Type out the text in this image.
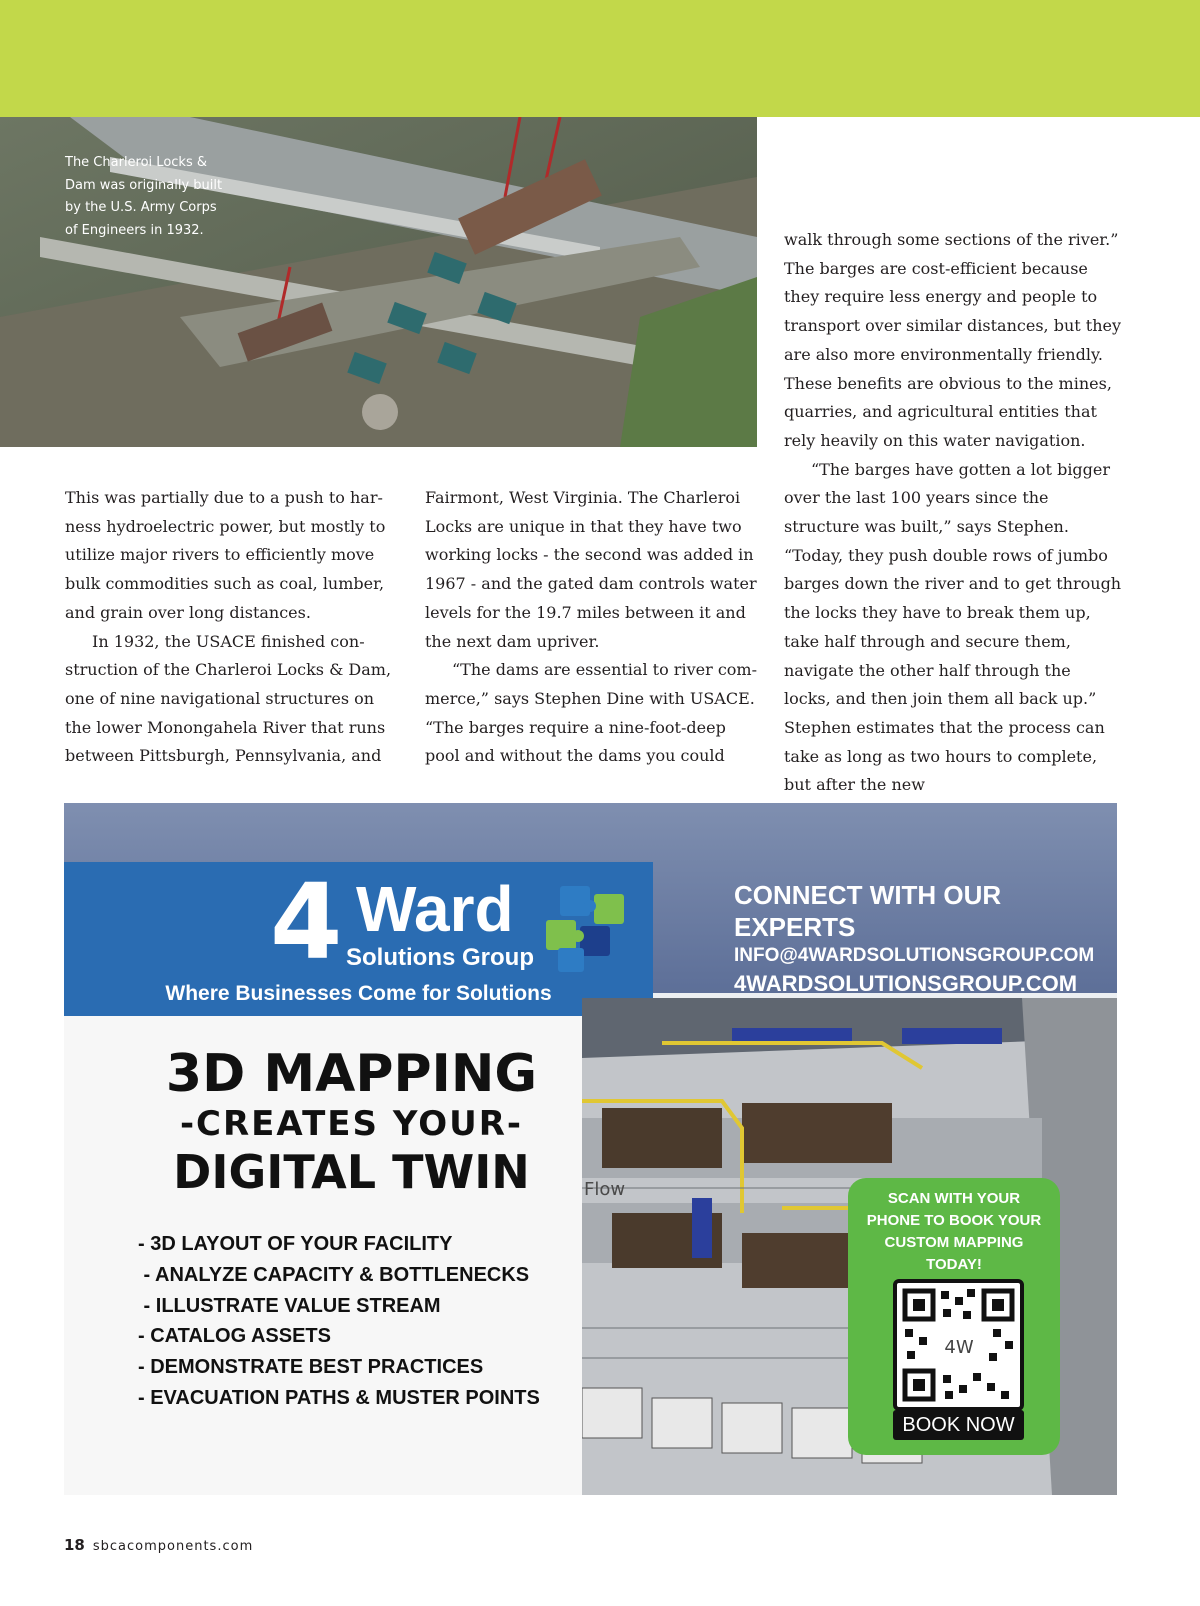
The Charleroi Locks &
Dam was originally built
by the U.S. Army Corps
of Engineers in 1932.

This was partially due to a push to har-ness hydroelectric power, but mostly to utilize major rivers to efficiently move bulk commodities such as coal, lumber, and grain over long distances.

In 1932, the USACE finished con-struction of the Charleroi Locks & Dam, one of nine navigational structures on the lower Monongahela River that runs between Pittsburgh, Pennsylvania, and

Fairmont, West Virginia. The Charleroi Locks are unique in that they have two working locks - the second was added in 1967 - and the gated dam controls water levels for the 19.7 miles between it and the next dam upriver.

“The dams are essential to river com-merce,” says Stephen Dine with USACE. “The barges require a nine-foot-deep pool and without the dams you could

walk through some sections of the river.” The barges are cost-efficient because they require less energy and people to transport over similar distances, but they are also more environmentally friendly. These benefits are obvious to the mines, quarries, and agricultural entities that rely heavily on this water navigation.

“The barges have gotten a lot bigger over the last 100 years since the structure was built,” says Stephen. “Today, they push double rows of jumbo barges down the river and to get through the locks they have to break them up, take half through and secure them, navigate the other half through the locks, and then join them all back up.” Stephen estimates that the process can take as long as two hours to complete, but after the new

4 Ward
Solutions Group
Where Businesses Come for Solutions
CONNECT WITH OUR EXPERTS
INFO@4WARDSOLUTIONSGROUP.COM
4WARDSOLUTIONSGROUP.COM
3D MAPPING
-CREATES YOUR-
DIGITAL TWIN
- 3D LAYOUT OF YOUR FACILITY
- ANALYZE CAPACITY & BOTTLENECKS
- ILLUSTRATE VALUE STREAM
- CATALOG ASSETS
- DEMONSTRATE BEST PRACTICES
- EVACUATION PATHS & MUSTER POINTS
Flow	SCAN WITH YOUR
PHONE TO BOOK YOUR
CUSTOM MAPPING
TODAY!
4W
BOOK NOW
18 sbcacomponents.com
